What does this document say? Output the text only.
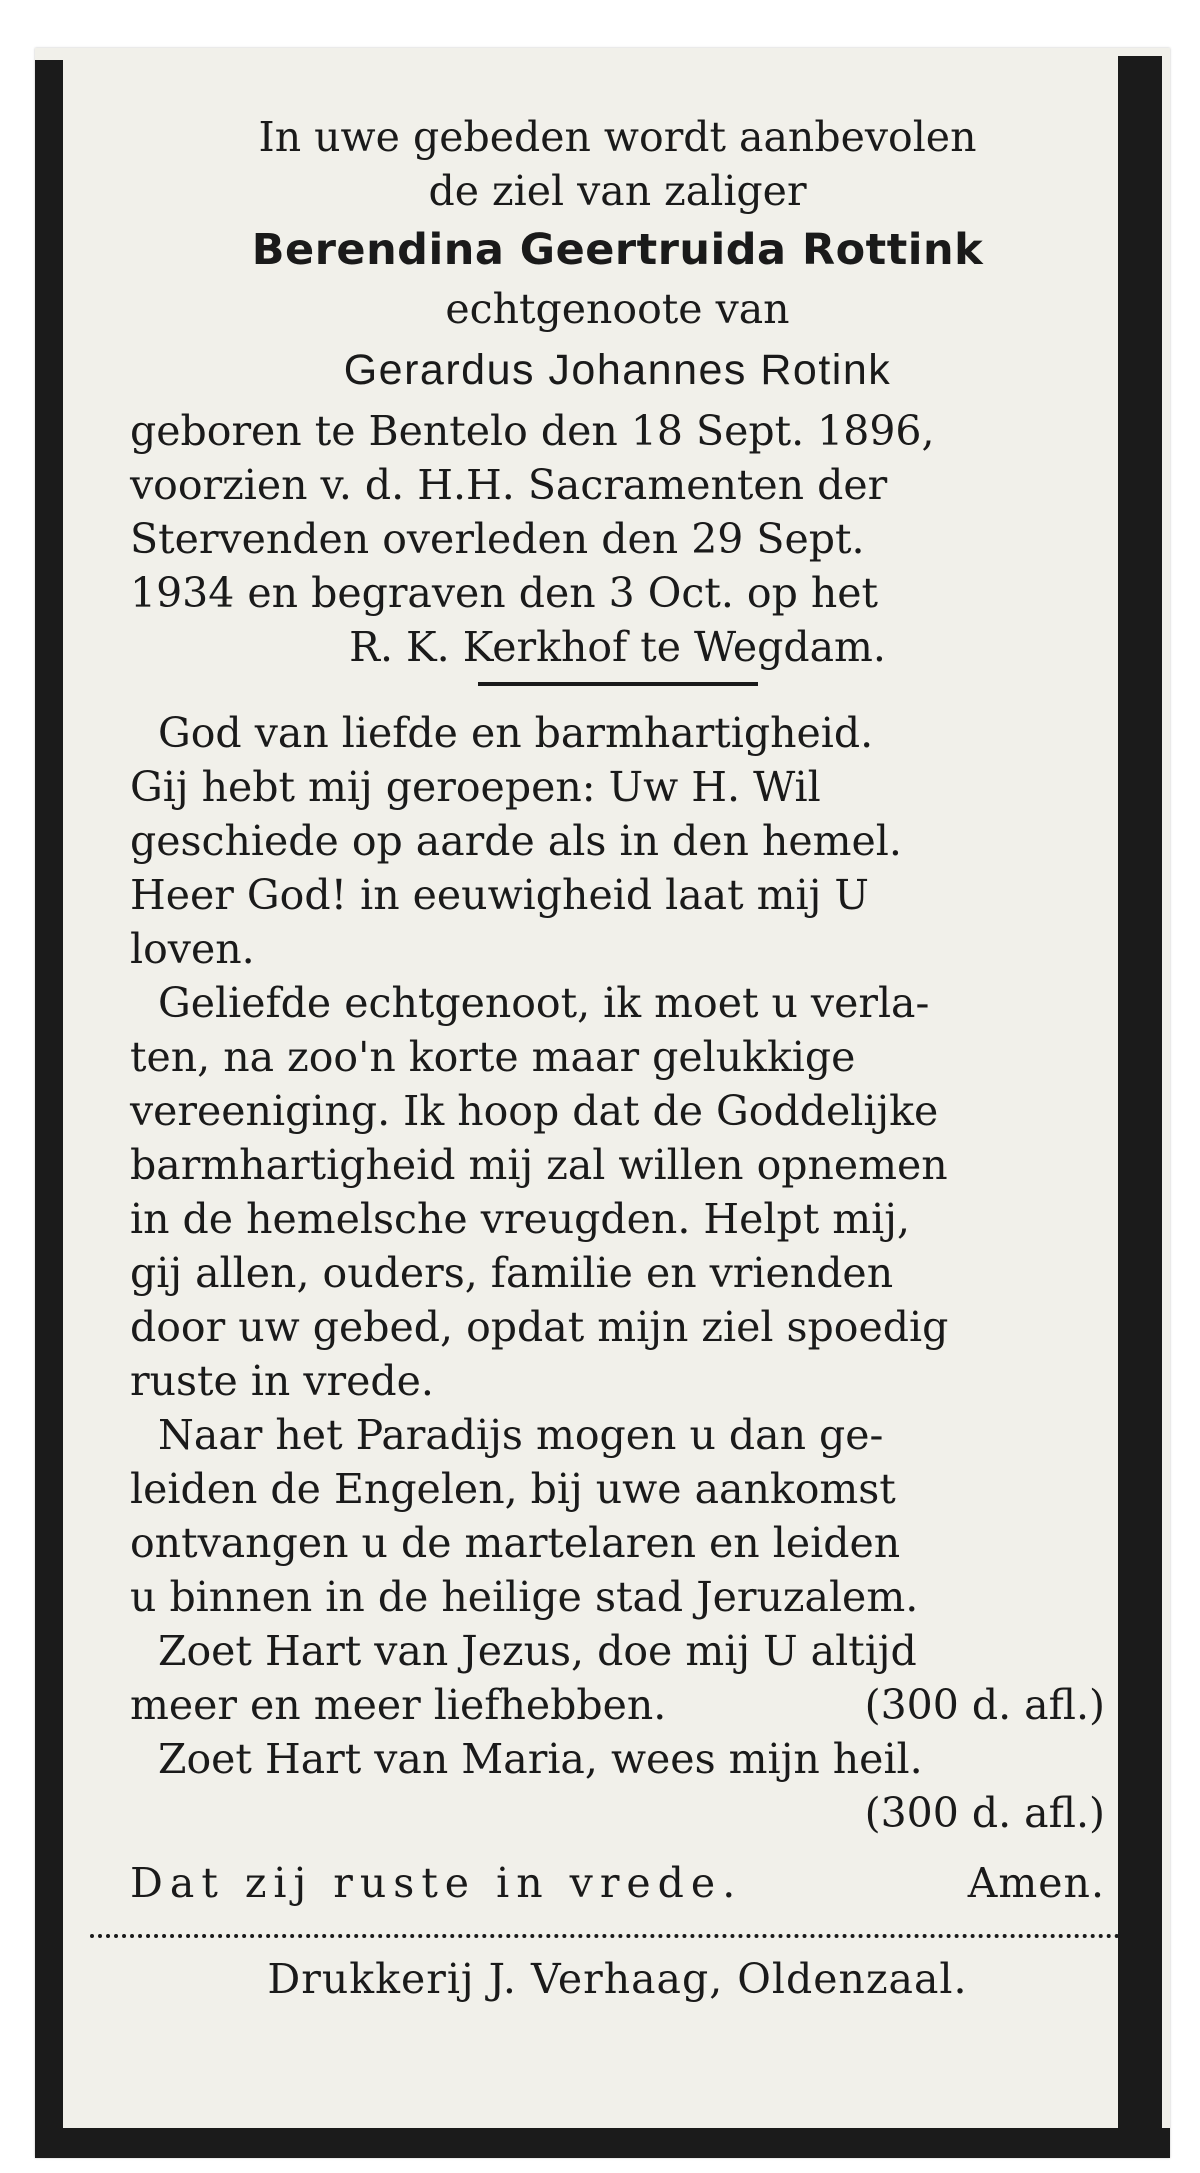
In uwe gebeden wordt aanbevolen
de ziel van zaliger
Berendina Geertruida Rottink
echtgenoote van
Gerardus Johannes Rotink
geboren te Bentelo den 18 Sept. 1896,
voorzien v. d. H.H. Sacramenten der
Stervenden overleden den 29 Sept.
1934 en begraven den 3 Oct. op het
R. K. Kerkhof te Wegdam.
God van liefde en barmhartigheid.
Gij hebt mij geroepen: Uw H. Wil
geschiede op aarde als in den hemel.
Heer God! in eeuwigheid laat mij U
loven.
Geliefde echtgenoot, ik moet u verla-
ten, na zoo'n korte maar gelukkige
vereeniging. Ik hoop dat de Goddelijke
barmhartigheid mij zal willen opnemen
in de hemelsche vreugden. Helpt mij,
gij allen, ouders, familie en vrienden
door uw gebed, opdat mijn ziel spoedig
ruste in vrede.
Naar het Paradijs mogen u dan ge-
leiden de Engelen, bij uwe aankomst
ontvangen u de martelaren en leiden
u binnen in de heilige stad Jeruzalem.
Zoet Hart van Jezus, doe mij U altijd
meer en meer liefhebben.	(300 d. afl.)
Zoet Hart van Maria, wees mijn heil.
(300 d. afl.)
Dat zij ruste in vrede.	Amen.
Drukkerij J. Verhaag, Oldenzaal.
